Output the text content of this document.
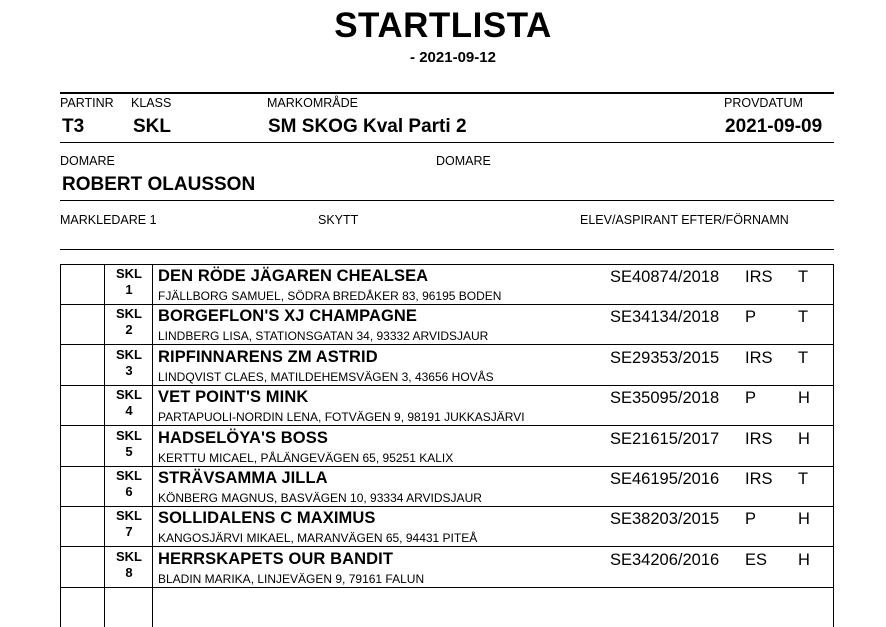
STARTLISTA
- 2021-09-12
PARTINR KLASS	MARKOMRÅDE	PROVDATUM
T3	SKL	SM SKOG Kval Parti 2	2021-09-09
DOMARE	DOMARE
ROBERT OLAUSSON
MARKLEDARE 1	SKYTT	ELEV/ASPIRANT EFTER/FÖRNAMN
SKL
1
DEN RÖDE JÄGAREN CHEALSEA
FJÄLLBORG SAMUEL, SÖDRA BREDÅKER 83, 96195 BODEN
SE40874/2018 IRS T
SKL
2
BORGEFLON'S XJ CHAMPAGNE
LINDBERG LISA, STATIONSGATAN 34, 93332 ARVIDSJAUR
SE34134/2018 P	T
SKL
3
RIPFINNARENS ZM ASTRID
LINDQVIST CLAES, MATILDEHEMSVÄGEN 3, 43656 HOVÅS
SE29353/2015 IRS T
SKL
4
VET POINT'S MINK
PARTAPUOLI-NORDIN LENA, FOTVÄGEN 9, 98191 JUKKASJÄRVI
SE35095/2018 P	H
SKL
5
HADSELÖYA'S BOSS
KERTTU MICAEL, PÅLÄNGEVÄGEN 65, 95251 KALIX
SE21615/2017 IRS H
SKL
6
STRÄVSAMMA JILLA
KÖNBERG MAGNUS, BASVÄGEN 10, 93334 ARVIDSJAUR
SE46195/2016 IRS T
SKL
7
SOLLIDALENS C MAXIMUS
KANGOSJÄRVI MIKAEL, MARANVÄGEN 65, 94431 PITEÅ
SE38203/2015 P	H
SKL
8
HERRSKAPETS OUR BANDIT
BLADIN MARIKA, LINJEVÄGEN 9, 79161 FALUN
SE34206/2016 ES H
